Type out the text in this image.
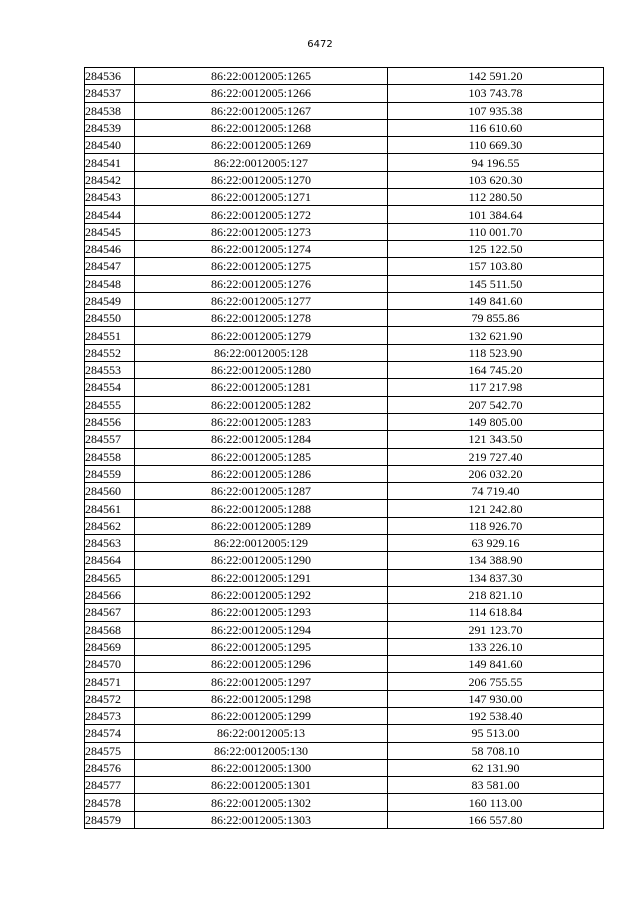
6472
284536	86:22:0012005:1265	142 591.20
284537	86:22:0012005:1266	103 743.78
284538	86:22:0012005:1267	107 935.38
284539	86:22:0012005:1268	116 610.60
284540	86:22:0012005:1269	110 669.30
284541	86:22:0012005:127	94 196.55
284542	86:22:0012005:1270	103 620.30
284543	86:22:0012005:1271	112 280.50
284544	86:22:0012005:1272	101 384.64
284545	86:22:0012005:1273	110 001.70
284546	86:22:0012005:1274	125 122.50
284547	86:22:0012005:1275	157 103.80
284548	86:22:0012005:1276	145 511.50
284549	86:22:0012005:1277	149 841.60
284550	86:22:0012005:1278	79 855.86
284551	86:22:0012005:1279	132 621.90
284552	86:22:0012005:128	118 523.90
284553	86:22:0012005:1280	164 745.20
284554	86:22:0012005:1281	117 217.98
284555	86:22:0012005:1282	207 542.70
284556	86:22:0012005:1283	149 805.00
284557	86:22:0012005:1284	121 343.50
284558	86:22:0012005:1285	219 727.40
284559	86:22:0012005:1286	206 032.20
284560	86:22:0012005:1287	74 719.40
284561	86:22:0012005:1288	121 242.80
284562	86:22:0012005:1289	118 926.70
284563	86:22:0012005:129	63 929.16
284564	86:22:0012005:1290	134 388.90
284565	86:22:0012005:1291	134 837.30
284566	86:22:0012005:1292	218 821.10
284567	86:22:0012005:1293	114 618.84
284568	86:22:0012005:1294	291 123.70
284569	86:22:0012005:1295	133 226.10
284570	86:22:0012005:1296	149 841.60
284571	86:22:0012005:1297	206 755.55
284572	86:22:0012005:1298	147 930.00
284573	86:22:0012005:1299	192 538.40
284574	86:22:0012005:13	95 513.00
284575	86:22:0012005:130	58 708.10
284576	86:22:0012005:1300	62 131.90
284577	86:22:0012005:1301	83 581.00
284578	86:22:0012005:1302	160 113.00
284579	86:22:0012005:1303	166 557.80
